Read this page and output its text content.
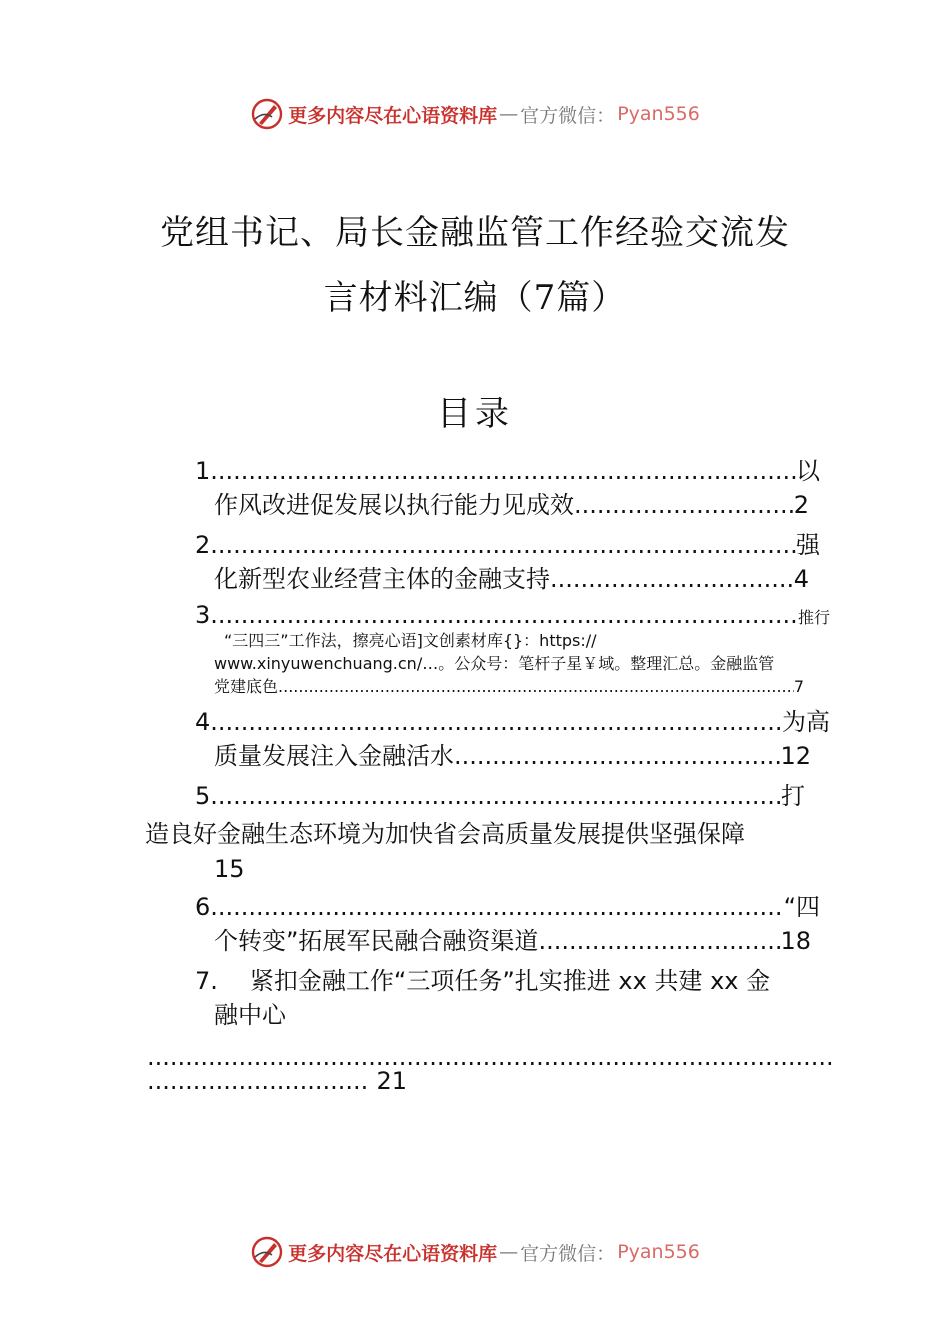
更多内容尽在心语资料库 — 官方微信： Pyan556
党组书记、局长金融监管工作经验交流发
言材料汇编（7篇）
目录
1. .....	以
作风改进促发展以执行能力见成效 .....	2
2. .....	强
化新型农业经营主体的金融支持 .....	4
3. .....	推行
“三四三”工作法，擦亮心语]文创素材库{}：https://
www.xinyuwenchuang.cn/…。公众号：笔杆子星￥域。整理汇总。金融监管
党建底色 .....	7
4. .....	为高
质量发展注入金融活水 .....	12
5. .....	打
造良好金融生态环境为加快省会高质量发展提供坚强保障
15
6. .....	“四
个转变”拓展军民融合融资渠道 .....	18
7. 紧扣金融工作“三项任务”扎实推进 xx 共建 xx 金
融中心
.....
.....
21
更多内容尽在心语资料库 — 官方微信： Pyan556
